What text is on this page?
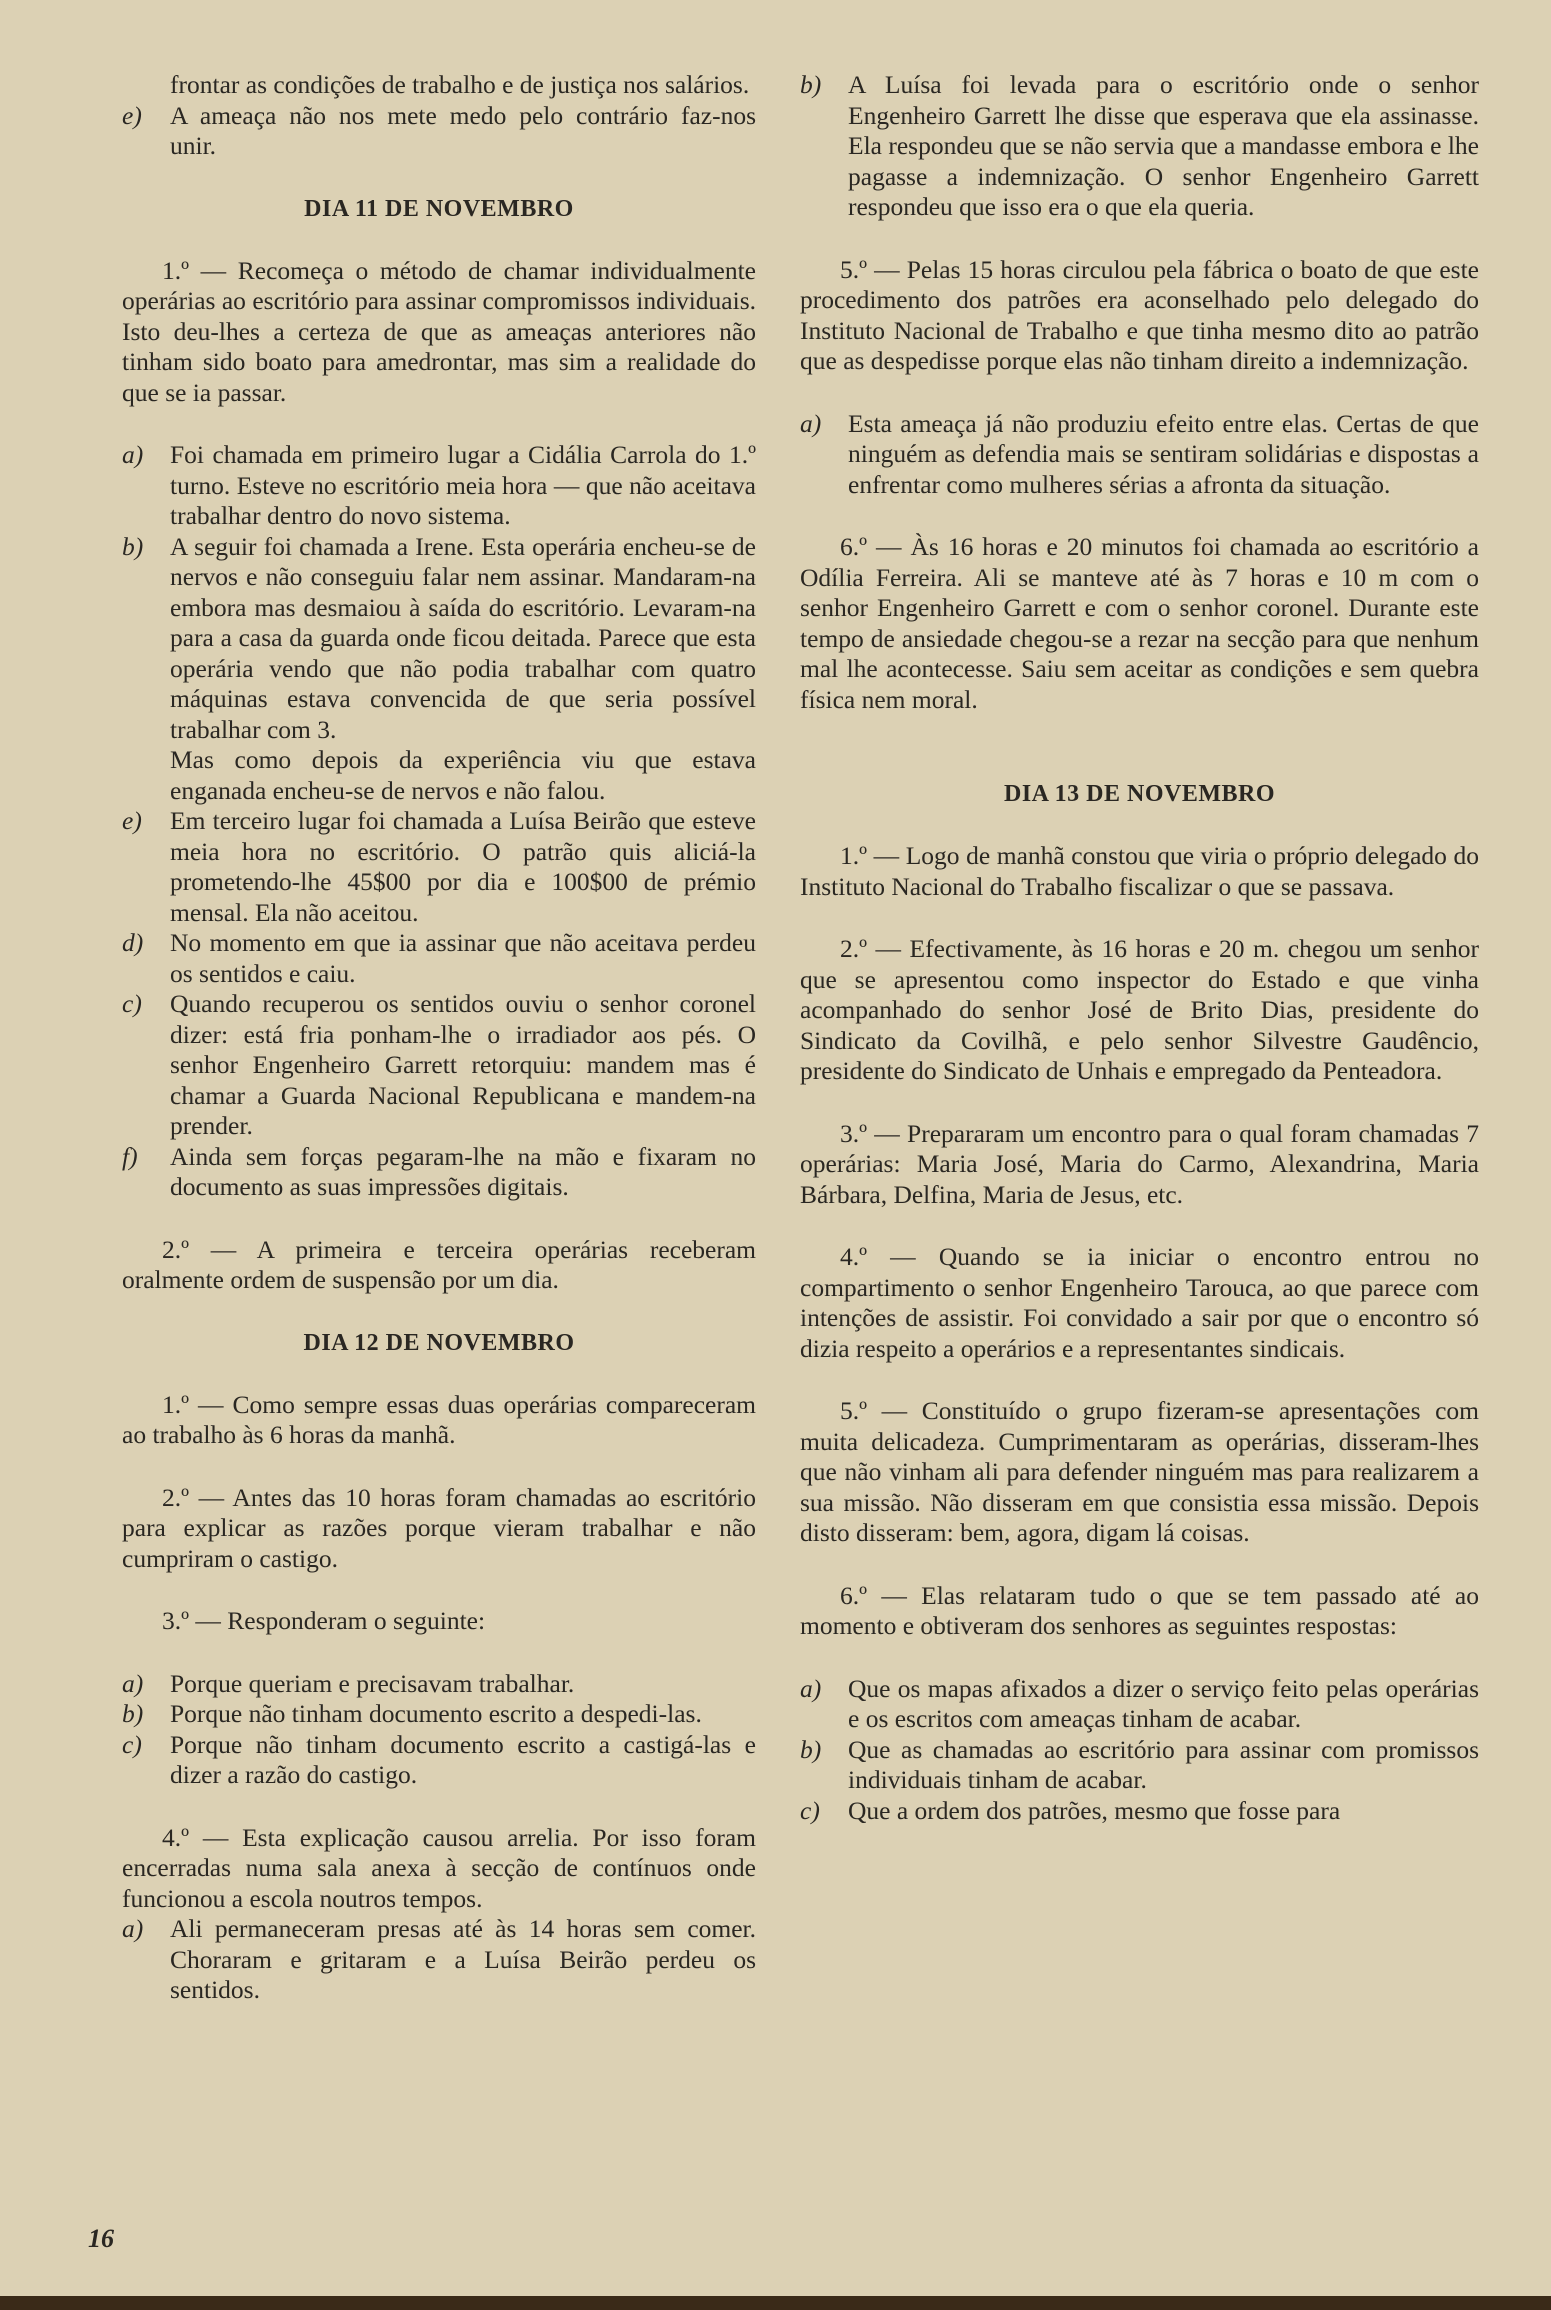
frontar as condições de trabalho e de justiça nos salários.

e)	A ameaça não nos mete medo pelo contrário faz-nos unir.
DIA 11 DE NOVEMBRO

1.º — Recomeça o método de chamar individualmente operárias ao escritório para assinar compromissos individuais. Isto deu-lhes a certeza de que as ameaças anteriores não tinham sido boato para amedrontar, mas sim a realidade do que se ia passar.

a)	Foi chamada em primeiro lugar a Cidália Carrola do 1.º turno. Esteve no escritório meia hora — que não aceitava trabalhar dentro do novo sistema.
b)	A seguir foi chamada a Irene. Esta operária encheu-se de nervos e não conseguiu falar nem assinar. Mandaram-na embora mas desmaiou à saída do escritório. Levaram-na para a casa da guarda onde ficou deitada. Parece que esta operária vendo que não podia trabalhar com quatro máquinas estava convencida de que seria possível trabalhar com 3.

Mas como depois da experiência viu que estava enganada encheu-se de nervos e não falou.

e)	Em terceiro lugar foi chamada a Luísa Beirão que esteve meia hora no escritório. O patrão quis aliciá-la prometendo-lhe 45$00 por dia e 100$00 de prémio mensal. Ela não aceitou.
d)	No momento em que ia assinar que não aceitava perdeu os sentidos e caiu.
c)	Quando recuperou os sentidos ouviu o senhor coronel dizer: está fria ponham-lhe o irradiador aos pés. O senhor Engenheiro Garrett retorquiu: mandem mas é chamar a Guarda Nacional Republicana e mandem-na prender.
f)	Ainda sem forças pegaram-lhe na mão e fixaram no documento as suas impressões digitais.

2.º — A primeira e terceira operárias receberam oralmente ordem de suspensão por um dia.

DIA 12 DE NOVEMBRO

1.º — Como sempre essas duas operárias compareceram ao trabalho às 6 horas da manhã.

2.º — Antes das 10 horas foram chamadas ao escritório para explicar as razões porque vieram trabalhar e não cumpriram o castigo.

3.º — Responderam o seguinte:

a)	Porque queriam e precisavam trabalhar.
b)	Porque não tinham documento escrito a despedi-las.
c)	Porque não tinham documento escrito a castigá-las e dizer a razão do castigo.

4.º — Esta explicação causou arrelia. Por isso foram encerradas numa sala anexa à secção de contínuos onde funcionou a escola noutros tempos.

a)	Ali permaneceram presas até às 14 horas sem comer. Choraram e gritaram e a Luísa Beirão perdeu os sentidos.
b)	A Luísa foi levada para o escritório onde o senhor Engenheiro Garrett lhe disse que esperava que ela assinasse. Ela respondeu que se não servia que a mandasse embora e lhe pagasse a indemnização. O senhor Engenheiro Garrett respondeu que isso era o que ela queria.

5.º — Pelas 15 horas circulou pela fábrica o boato de que este procedimento dos patrões era aconselhado pelo delegado do Instituto Nacional de Trabalho e que tinha mesmo dito ao patrão que as despedisse porque elas não tinham direito a indemnização.

a)	Esta ameaça já não produziu efeito entre elas. Certas de que ninguém as defendia mais se sentiram solidárias e dispostas a enfrentar como mulheres sérias a afronta da situação.

6.º — Às 16 horas e 20 minutos foi chamada ao escritório a Odília Ferreira. Ali se manteve até às 7 horas e 10 m com o senhor Engenheiro Garrett e com o senhor coronel. Durante este tempo de ansiedade chegou-se a rezar na secção para que nenhum mal lhe acontecesse. Saiu sem aceitar as condições e sem quebra física nem moral.

DIA 13 DE NOVEMBRO

1.º — Logo de manhã constou que viria o próprio delegado do Instituto Nacional do Trabalho fiscalizar o que se passava.

2.º — Efectivamente, às 16 horas e 20 m. chegou um senhor que se apresentou como inspector do Estado e que vinha acompanhado do senhor José de Brito Dias, presidente do Sindicato da Covilhã, e pelo senhor Silvestre Gaudêncio, presidente do Sindicato de Unhais e empregado da Penteadora.

3.º — Prepararam um encontro para o qual foram chamadas 7 operárias: Maria José, Maria do Carmo, Alexandrina, Maria Bárbara, Delfina, Maria de Jesus, etc.

4.º — Quando se ia iniciar o encontro entrou no compartimento o senhor Engenheiro Tarouca, ao que parece com intenções de assistir. Foi convidado a sair por que o encontro só dizia respeito a operários e a representantes sindicais.

5.º — Constituído o grupo fizeram-se apresentações com muita delicadeza. Cumprimentaram as operárias, disseram-lhes que não vinham ali para defender ninguém mas para realizarem a sua missão. Não disseram em que consistia essa missão. Depois disto disseram: bem, agora, digam lá coisas.

6.º — Elas relataram tudo o que se tem passado até ao momento e obtiveram dos senhores as seguintes respostas:

a)	Que os mapas afixados a dizer o serviço feito pelas operárias e os escritos com ameaças tinham de acabar.
b)	Que as chamadas ao escritório para assinar com promissos individuais tinham de acabar.
c)	Que a ordem dos patrões, mesmo que fosse para
16
